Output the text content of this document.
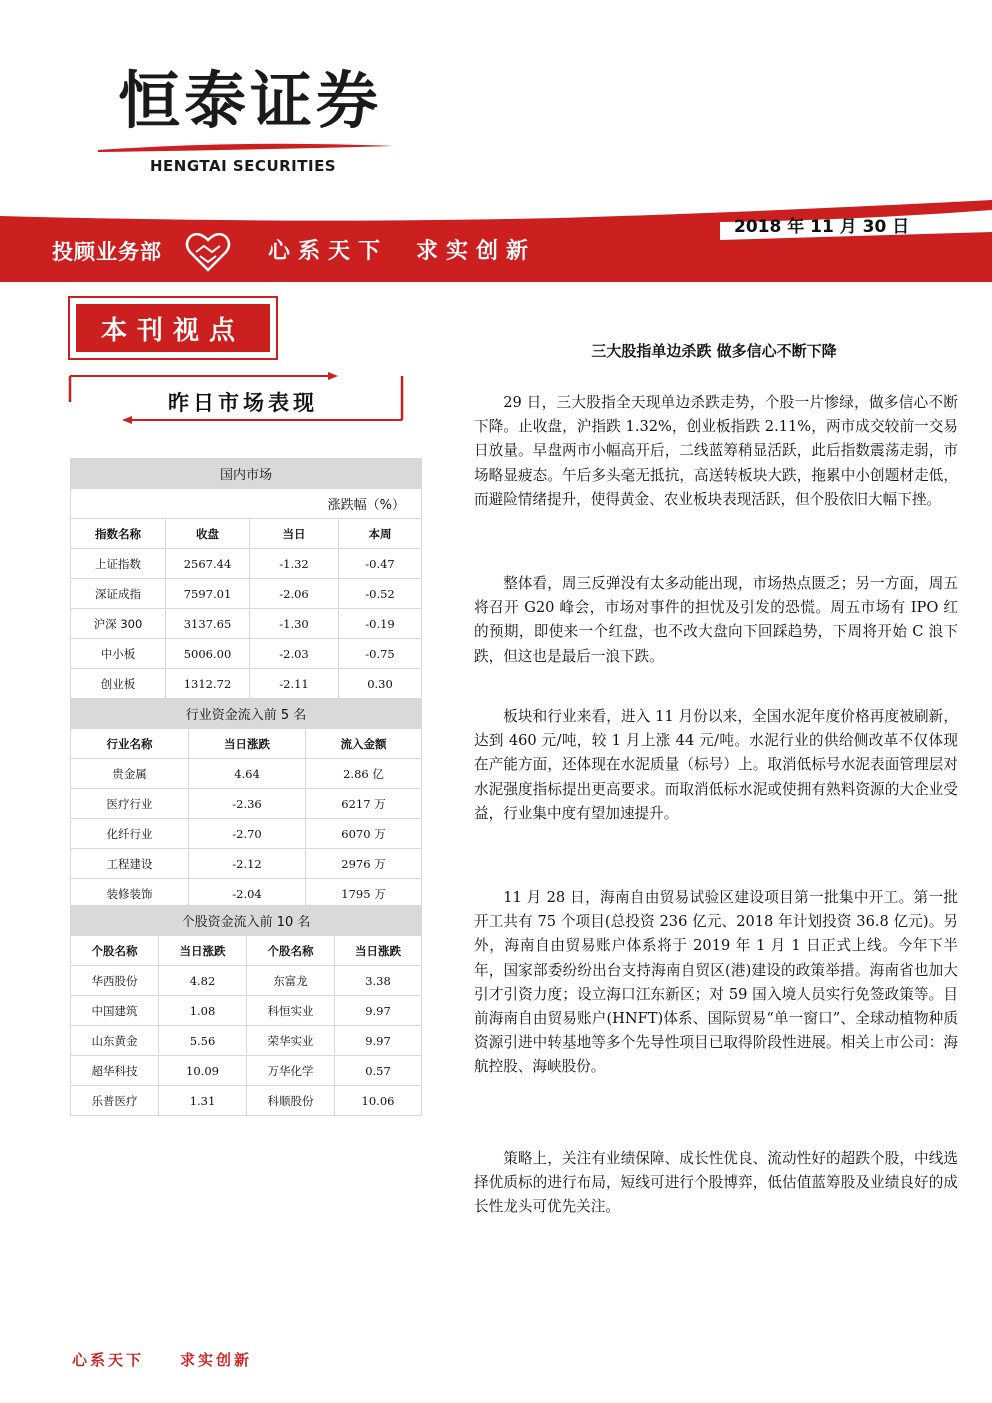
恒泰证券
HENGTAI SECURITIES
2018 年 11 月 30 日
投顾业务部	心系天下 求实创新
本刊视点
昨日市场表现
国内市场			
涨跌幅（%）			
指数名称	收盘	当日	本周
上证指数	2567.44	-1.32	-0.47
深证成指	7597.01	-2.06	-0.52
沪深 300	3137.65	-1.30	-0.19
中小板	5006.00	-2.03	-0.75
创业板	1312.72	-2.11	0.30
行业资金流入前 5 名		
行业名称	当日涨跌	流入金额
贵金属	4.64	2.86 亿
医疗行业	-2.36	6217 万
化纤行业	-2.70	6070 万
工程建设	-2.12	2976 万
装修装饰	-2.04	1795 万
个股资金流入前 10 名			
个股名称	当日涨跌	个股名称	当日涨跌
华西股份	4.82	东富龙	3.38
中国建筑	1.08	科恒实业	9.97
山东黄金	5.56	荣华实业	9.97
超华科技	10.09	万华化学	0.57
乐普医疗	1.31	科顺股份	10.06
三大股指单边杀跌 做多信心不断下降

29 日，三大股指全天现单边杀跌走势，个股一片惨绿，做多信心不断下降。止收盘，沪指跌 1.32%，创业板指跌 2.11%，两市成交较前一交易日放量。早盘两市小幅高开后，二线蓝筹稍显活跃，此后指数震荡走弱，市场略显疲态。午后多头毫无抵抗，高送转板块大跌，拖累中小创题材走低，而避险情绪提升，使得黄金、农业板块表现活跃，但个股依旧大幅下挫。

整体看，周三反弹没有太多动能出现，市场热点匮乏；另一方面，周五将召开 G20 峰会，市场对事件的担忧及引发的恐慌。周五市场有 IPO 红的预期，即使来一个红盘，也不改大盘向下回踩趋势，下周将开始 C 浪下跌，但这也是最后一浪下跌。

板块和行业来看，进入 11 月份以来，全国水泥年度价格再度被刷新，达到 460 元/吨，较 1 月上涨 44 元/吨。水泥行业的供给侧改革不仅体现在产能方面，还体现在水泥质量（标号）上。取消低标号水泥表面管理层对水泥强度指标提出更高要求。而取消低标水泥或使拥有熟料资源的大企业受益，行业集中度有望加速提升。

11 月 28 日，海南自由贸易试验区建设项目第一批集中开工。第一批开工共有 75 个项目(总投资 236 亿元、2018 年计划投资 36.8 亿元)。另外，海南自由贸易账户体系将于 2019 年 1 月 1 日正式上线。今年下半年，国家部委纷纷出台支持海南自贸区(港)建设的政策举措。海南省也加大引才引资力度；设立海口江东新区；对 59 国入境人员实行免签政策等。目前海南自由贸易账户(HNFT)体系、国际贸易“单一窗口”、全球动植物种质资源引进中转基地等多个先导性项目已取得阶段性进展。相关上市公司：海航控股、海峡股份。

策略上，关注有业绩保障、成长性优良、流动性好的超跌个股，中线选择优质标的进行布局，短线可进行个股博弈，低估值蓝筹股及业绩良好的成长性龙头可优先关注。

心系天下　　求实创新
